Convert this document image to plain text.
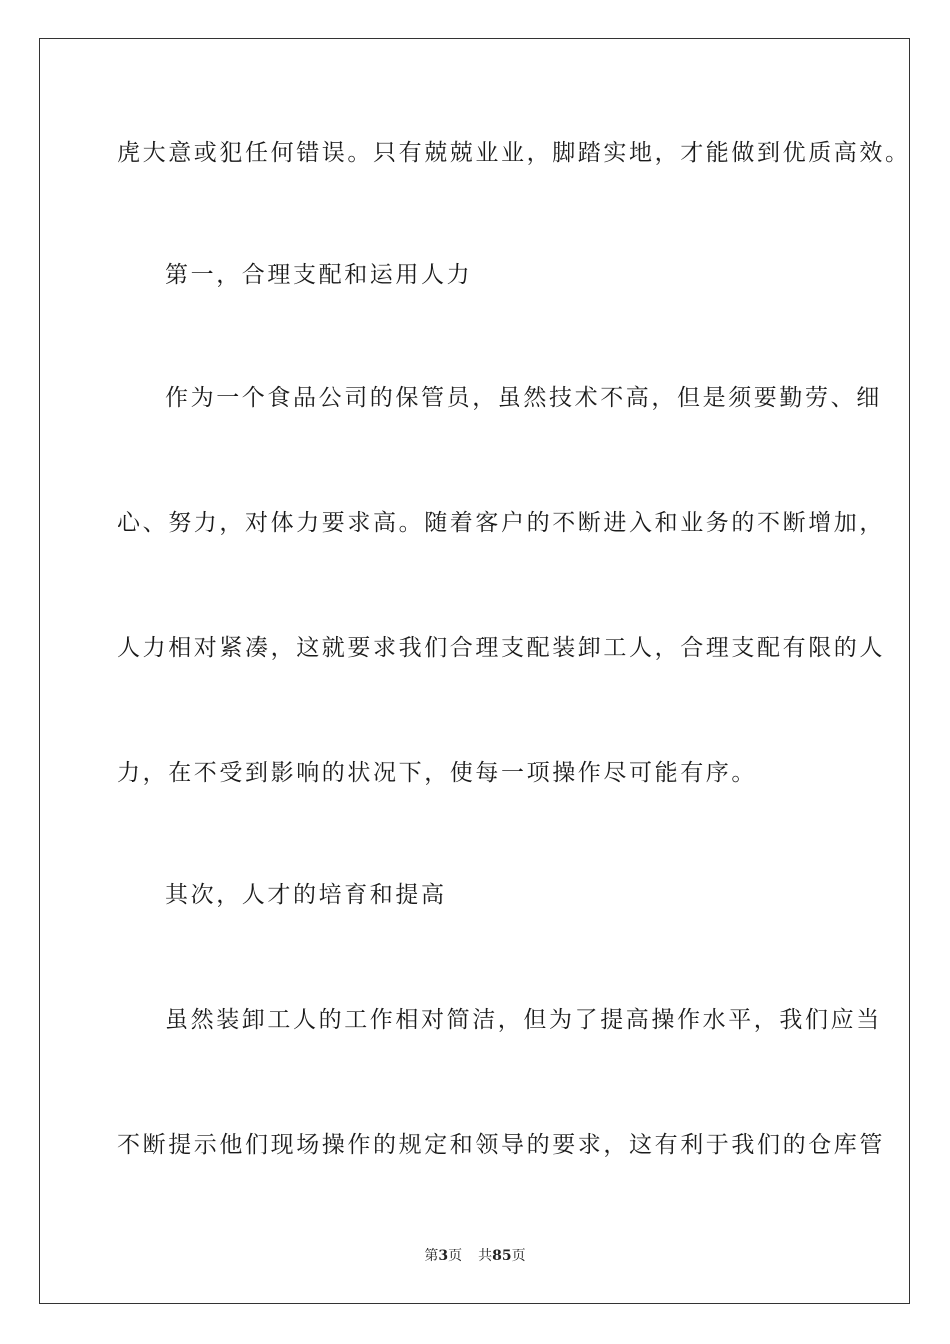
虎大意或犯任何错误。只有兢兢业业，脚踏实地，才能做到优质高效。
第一，合理支配和运用人力
作为一个食品公司的保管员，虽然技术不高，但是须要勤劳、细
心、努力，对体力要求高。随着客户的不断进入和业务的不断增加，
人力相对紧凑，这就要求我们合理支配装卸工人，合理支配有限的人
力，在不受到影响的状况下，使每一项操作尽可能有序。
其次，人才的培育和提高
虽然装卸工人的工作相对简洁，但为了提高操作水平，我们应当
不断提示他们现场操作的规定和领导的要求，这有利于我们的仓库管
第3页 共85页
